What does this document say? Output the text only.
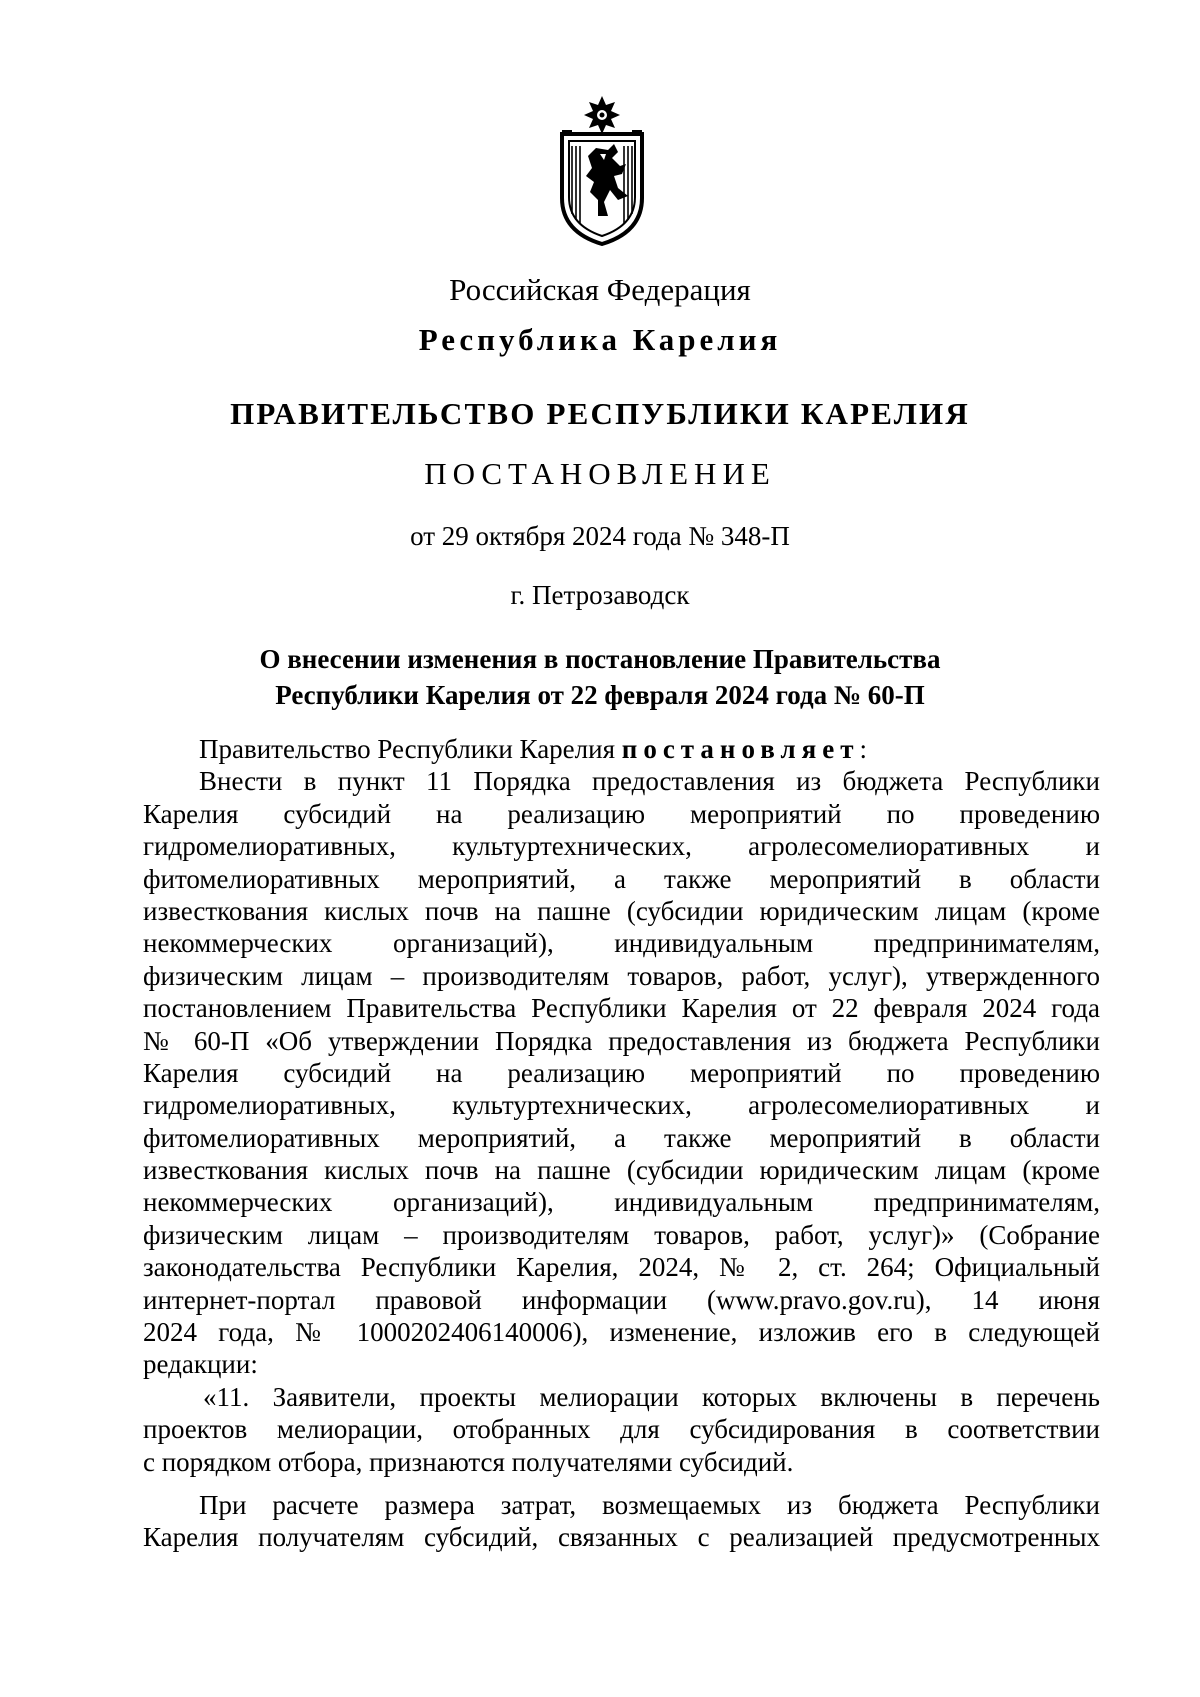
Российская Федерация
Республика Карелия
ПРАВИТЕЛЬСТВО РЕСПУБЛИКИ КАРЕЛИЯ
ПОСТАНОВЛЕНИЕ
от 29 октября 2024 года № 348-П
г. Петрозаводск
О внесении изменения в постановление Правительства
Республики Карелия от 22 февраля 2024 года № 60-П
Правительство Республики Карелия постановляет:
Внести в пункт 11 Порядка предоставления из бюджета Республики
Карелия субсидий на реализацию мероприятий по проведению
гидромелиоративных, культуртехнических, агролесомелиоративных и
фитомелиоративных мероприятий, а также мероприятий в области
известкования кислых почв на пашне (субсидии юридическим лицам (кроме
некоммерческих организаций), индивидуальным предпринимателям,
физическим лицам – производителям товаров, работ, услуг), утвержденного
постановлением Правительства Республики Карелия от 22 февраля 2024 года
№ 60-П «Об утверждении Порядка предоставления из бюджета Республики
Карелия субсидий на реализацию мероприятий по проведению
гидромелиоративных, культуртехнических, агролесомелиоративных и
фитомелиоративных мероприятий, а также мероприятий в области
известкования кислых почв на пашне (субсидии юридическим лицам (кроме
некоммерческих организаций), индивидуальным предпринимателям,
физическим лицам – производителям товаров, работ, услуг)» (Собрание
законодательства Республики Карелия, 2024, № 2, ст. 264; Официальный
интернет-портал правовой информации (www.pravo.gov.ru), 14 июня
2024 года, № 1000202406140006), изменение, изложив его в следующей
редакции:
«11. Заявители, проекты мелиорации которых включены в перечень
проектов мелиорации, отобранных для субсидирования в соответствии
с порядком отбора, признаются получателями субсидий.
При расчете размера затрат, возмещаемых из бюджета Республики
Карелия получателям субсидий, связанных с реализацией предусмотренных
